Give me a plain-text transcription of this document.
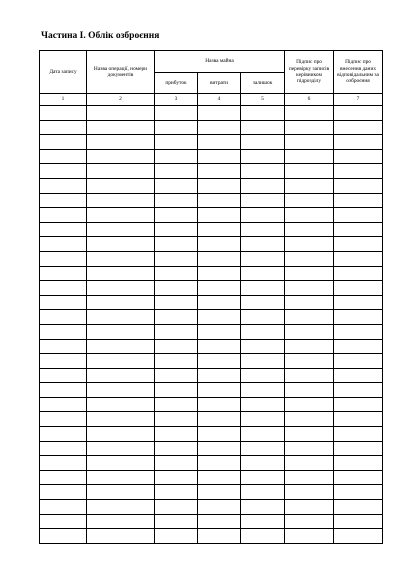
Частина I. Облік озброєння
Дата запису	Назва операції, номери документів	Назва майна			Підпис про перевірку записів керівником підрозділу	Підпис про внесення даних відповідальним за озброєння
		прибуток	витрати	залишок		
1	2	3	4	5	6	7
